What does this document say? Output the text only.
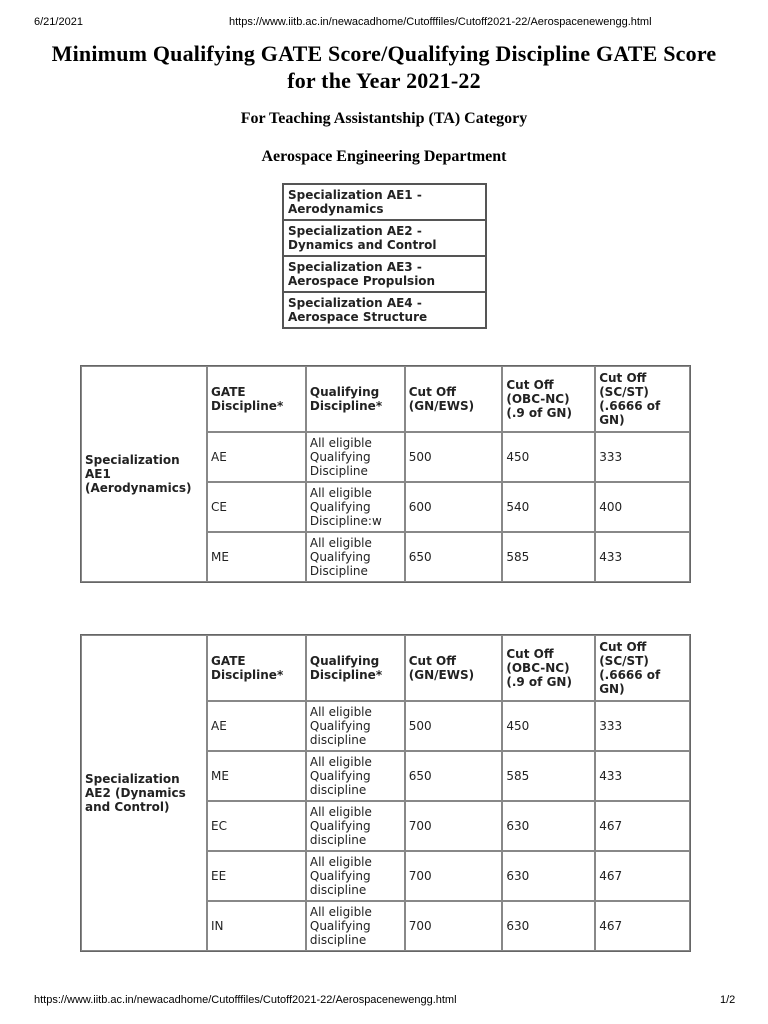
6/21/2021	https://www.iitb.ac.in/newacadhome/Cutofffiles/Cutoff2021-22/Aerospacenewengg.html
Minimum Qualifying GATE Score/Qualifying Discipline GATE Score for the Year 2021-22
For Teaching Assistantship (TA) Category
Aerospace Engineering Department
Specialization AE1 - Aerodynamics
Specialization AE2 - Dynamics and Control
Specialization AE3 - Aerospace Propulsion
Specialization AE4 - Aerospace Structure
Specialization AE1 (Aerodynamics)	GATE Discipline*	Qualifying Discipline*	Cut Off (GN/EWS)	Cut Off (OBC-NC) (.9 of GN)	Cut Off (SC/ST) (.6666 of GN)
	AE	All eligible Qualifying Discipline	500	450	333
	CE	All eligible Qualifying Discipline:w	600	540	400
	ME	All eligible Qualifying Discipline	650	585	433
Specialization AE2 (Dynamics and Control)	GATE Discipline*	Qualifying Discipline*	Cut Off (GN/EWS)	Cut Off (OBC-NC) (.9 of GN)	Cut Off (SC/ST) (.6666 of GN)
	AE	All eligible Qualifying discipline	500	450	333
	ME	All eligible Qualifying discipline	650	585	433
	EC	All eligible Qualifying discipline	700	630	467
	EE	All eligible Qualifying discipline	700	630	467
	IN	All eligible Qualifying discipline	700	630	467
https://www.iitb.ac.in/newacadhome/Cutofffiles/Cutoff2021-22/Aerospacenewengg.html	1/2
